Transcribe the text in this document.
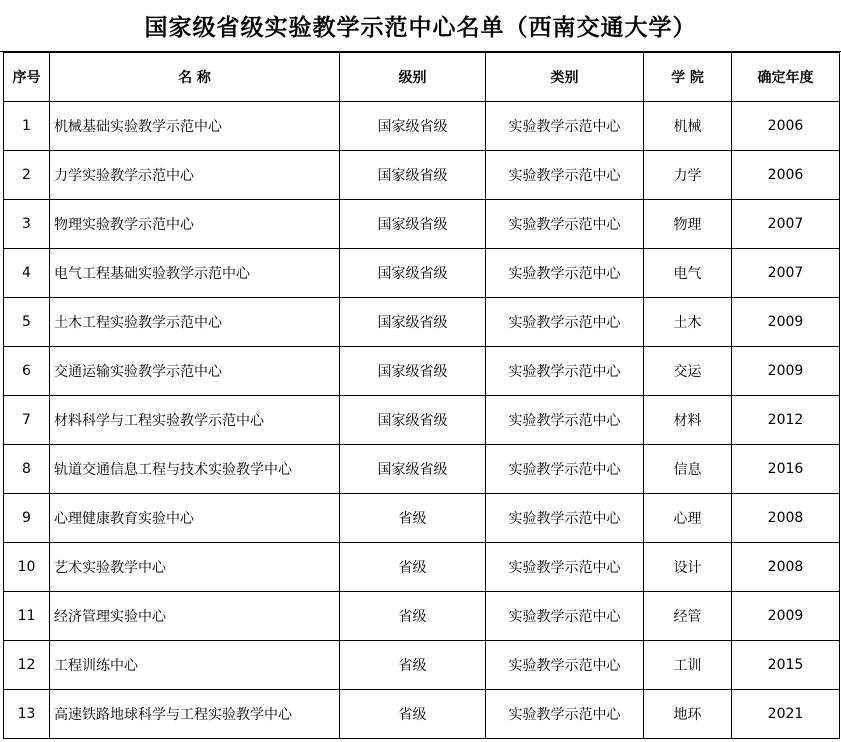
国家级省级实验教学示范中心名单（西南交通大学）
序号	名 称	级别	类别	学 院	确定年度
1	机械基础实验教学示范中心	国家级省级	实验教学示范中心	机械	2006
2	力学实验教学示范中心	国家级省级	实验教学示范中心	力学	2006
3	物理实验教学示范中心	国家级省级	实验教学示范中心	物理	2007
4	电气工程基础实验教学示范中心	国家级省级	实验教学示范中心	电气	2007
5	土木工程实验教学示范中心	国家级省级	实验教学示范中心	土木	2009
6	交通运输实验教学示范中心	国家级省级	实验教学示范中心	交运	2009
7	材料科学与工程实验教学示范中心	国家级省级	实验教学示范中心	材料	2012
8	轨道交通信息工程与技术实验教学中心	国家级省级	实验教学示范中心	信息	2016
9	心理健康教育实验中心	省级	实验教学示范中心	心理	2008
10	艺术实验教学中心	省级	实验教学示范中心	设计	2008
11	经济管理实验中心	省级	实验教学示范中心	经管	2009
12	工程训练中心	省级	实验教学示范中心	工训	2015
13	高速铁路地球科学与工程实验教学中心	省级	实验教学示范中心	地环	2021
